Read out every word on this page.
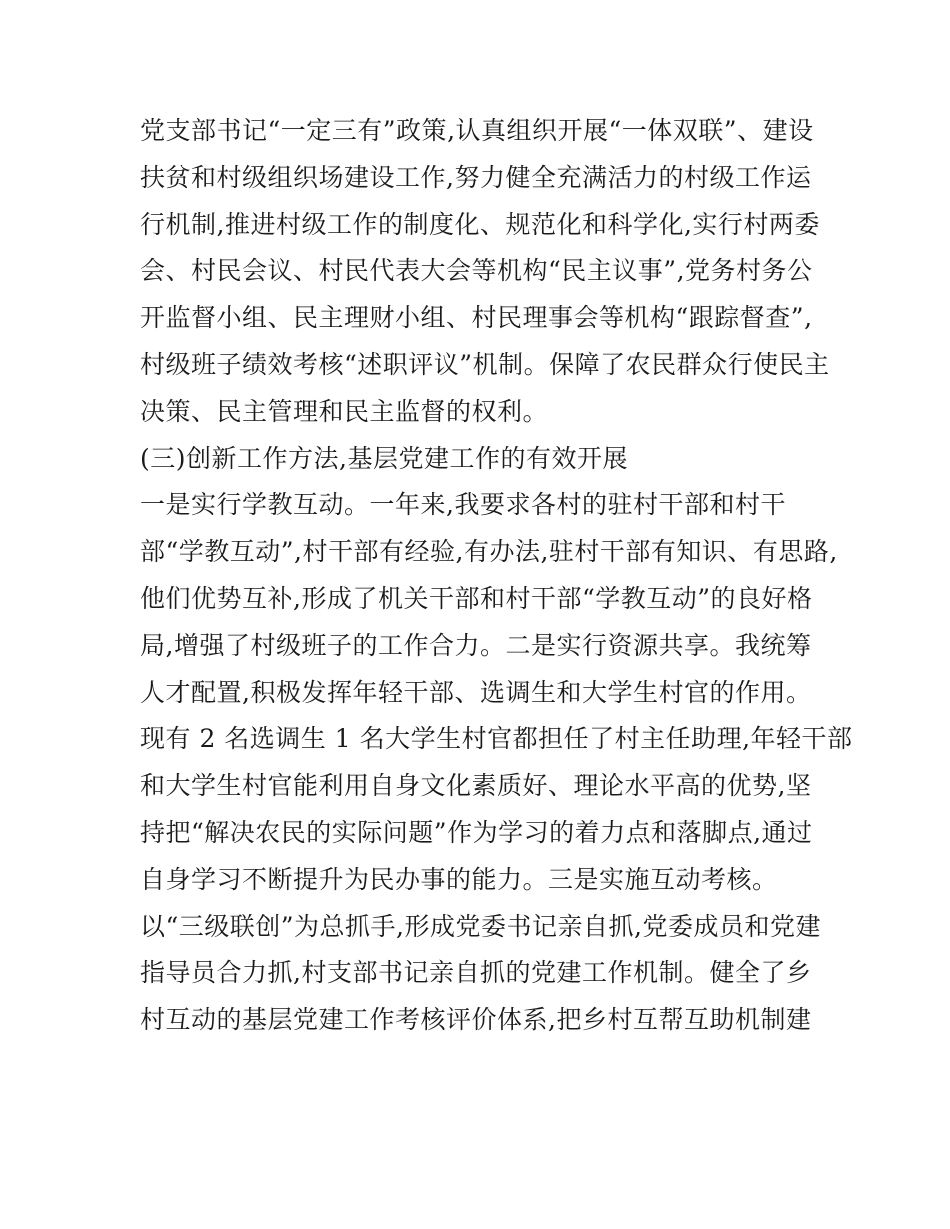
党支部书记“一定三有”政策,认真组织开展“一体双联”、建设
扶贫和村级组织场建设工作,努力健全充满活力的村级工作运
行机制,推进村级工作的制度化、规范化和科学化,实行村两委
会、村民会议、村民代表大会等机构“民主议事”,党务村务公
开监督小组、民主理财小组、村民理事会等机构“跟踪督查”,
村级班子绩效考核“述职评议”机制。保障了农民群众行使民主
决策、民主管理和民主监督的权利。
(三)创新工作方法,基层党建工作的有效开展
一是实行学教互动。一年来,我要求各村的驻村干部和村干
部“学教互动”,村干部有经验,有办法,驻村干部有知识、有思路,
他们优势互补,形成了机关干部和村干部“学教互动”的良好格
局,增强了村级班子的工作合力。二是实行资源共享。我统筹
人才配置,积极发挥年轻干部、选调生和大学生村官的作用。
现有 2 名选调生 1 名大学生村官都担任了村主任助理,年轻干部
和大学生村官能利用自身文化素质好、理论水平高的优势,坚
持把“解决农民的实际问题”作为学习的着力点和落脚点,通过
自身学习不断提升为民办事的能力。三是实施互动考核。
以“三级联创”为总抓手,形成党委书记亲自抓,党委成员和党建
指导员合力抓,村支部书记亲自抓的党建工作机制。健全了乡
村互动的基层党建工作考核评价体系,把乡村互帮互助机制建
